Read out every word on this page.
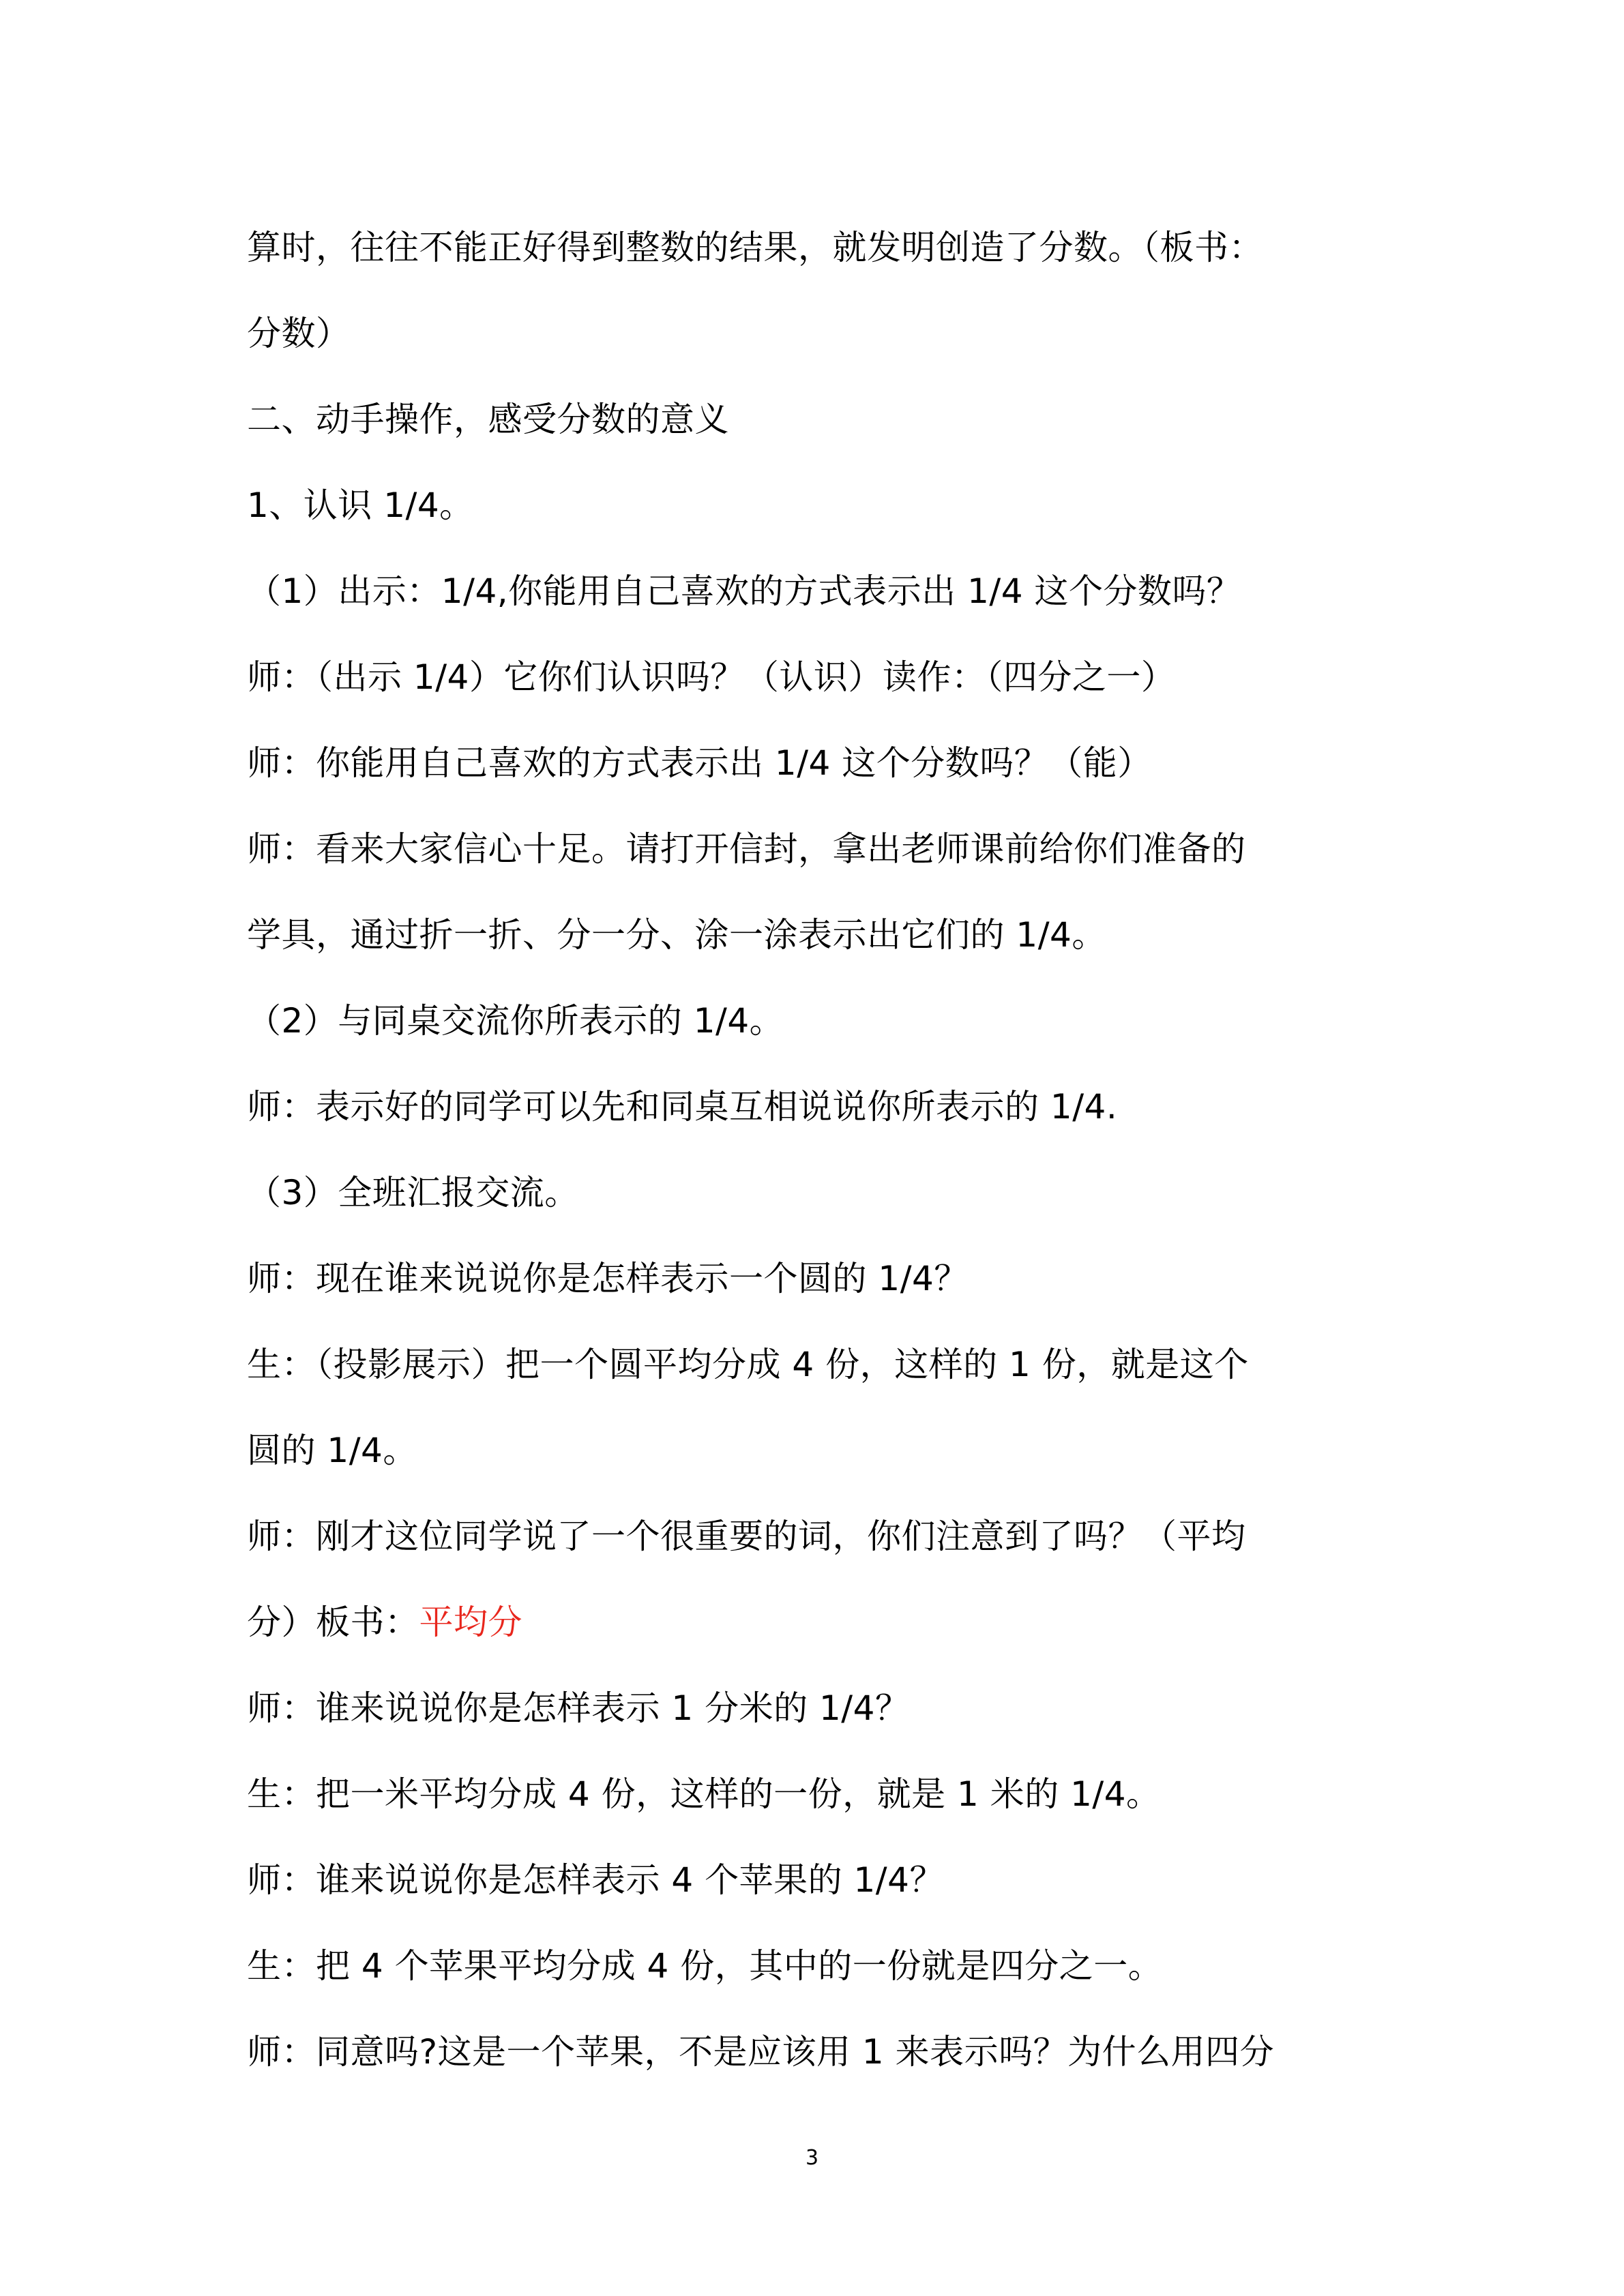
算时，往往不能正好得到整数的结果，就发明创造了分数。（板书：
分数）
二、动手操作，感受分数的意义
1、认识 1/4。
（1）出示：1/4,你能用自己喜欢的方式表示出 1/4 这个分数吗？
师：（出示 1/4）它你们认识吗？（认识）读作：（四分之一）
师：你能用自己喜欢的方式表示出 1/4 这个分数吗？（能）
师：看来大家信心十足。请打开信封，拿出老师课前给你们准备的
学具，通过折一折、分一分、涂一涂表示出它们的 1/4。
（2）与同桌交流你所表示的 1/4。
师：表示好的同学可以先和同桌互相说说你所表示的 1/4.
（3）全班汇报交流。
师：现在谁来说说你是怎样表示一个圆的 1/4？
生：（投影展示）把一个圆平均分成 4 份，这样的 1 份，就是这个
圆的 1/4。
师：刚才这位同学说了一个很重要的词，你们注意到了吗？（平均
分）板书：平均分
师：谁来说说你是怎样表示 1 分米的 1/4？
生：把一米平均分成 4 份，这样的一份，就是 1 米的 1/4。
师：谁来说说你是怎样表示 4 个苹果的 1/4？
生：把 4 个苹果平均分成 4 份，其中的一份就是四分之一。
师：同意吗?这是一个苹果，不是应该用 1 来表示吗？为什么用四分
3
